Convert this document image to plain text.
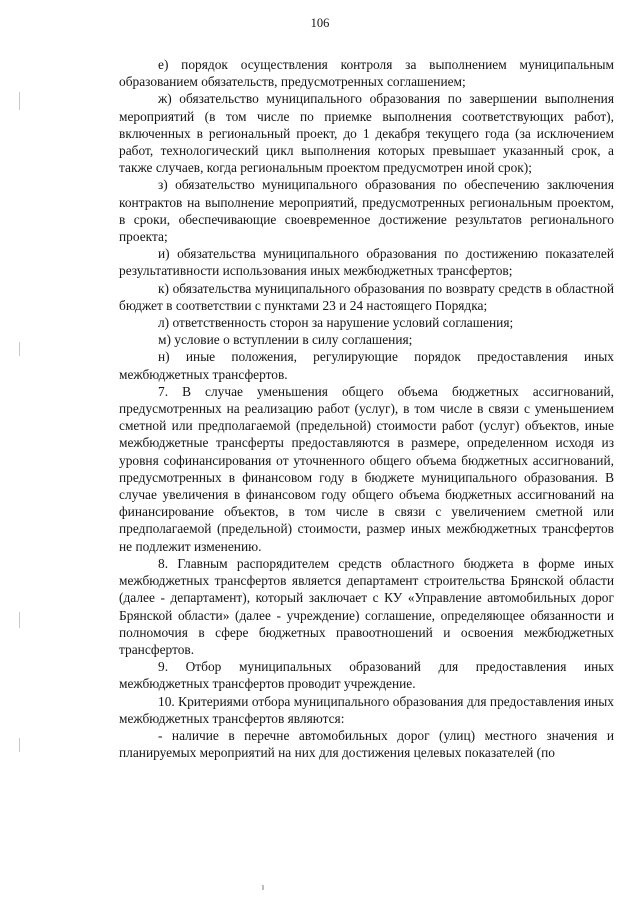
106

е) порядок осуществления контроля за выполнением муниципальным образованием обязательств, предусмотренных соглашением;

ж) обязательство муниципального образования по завершении выполнения мероприятий (в том числе по приемке выполнения соответствующих работ), включенных в региональный проект, до 1 декабря текущего года (за исключением работ, технологический цикл выполнения которых превышает указанный срок, а также случаев, когда региональным проектом предусмотрен иной срок);

з) обязательство муниципального образования по обеспечению заключения контрактов на выполнение мероприятий, предусмотренных региональным проектом, в сроки, обеспечивающие своевременное достижение результатов регионального проекта;

и) обязательства муниципального образования по достижению показателей результативности использования иных межбюджетных трансфертов;

к) обязательства муниципального образования по возврату средств в областной бюджет в соответствии с пунктами 23 и 24 настоящего Порядка;

л) ответственность сторон за нарушение условий соглашения;

м) условие о вступлении в силу соглашения;

н) иные положения, регулирующие порядок предоставления иных межбюджетных трансфертов.

7. В случае уменьшения общего объема бюджетных ассигнований, предусмотренных на реализацию работ (услуг), в том числе в связи с уменьшением сметной или предполагаемой (предельной) стоимости работ (услуг) объектов, иные межбюджетные трансферты предоставляются в размере, определенном исходя из уровня софинансирования от уточненного общего объема бюджетных ассигнований, предусмотренных в финансовом году в бюджете муниципального образования. В случае увеличения в финансовом году общего объема бюджетных ассигнований на финансирование объектов, в том числе в связи с увеличением сметной или предполагаемой (предельной) стоимости, размер иных межбюджетных трансфертов не подлежит изменению.

8. Главным распорядителем средств областного бюджета в форме иных межбюджетных трансфертов является департамент строительства Брянской области (далее - департамент), который заключает с КУ «Управление автомобильных дорог Брянской области» (далее - учреждение) соглашение, определяющее обязанности и полномочия в сфере бюджетных правоотношений и освоения межбюджетных трансфертов.

9. Отбор муниципальных образований для предоставления иных межбюджетных трансфертов проводит учреждение.

10. Критериями отбора муниципального образования для предоставления иных межбюджетных трансфертов являются:

- наличие в перечне автомобильных дорог (улиц) местного значения и планируемых мероприятий на них для достижения целевых показателей (по
